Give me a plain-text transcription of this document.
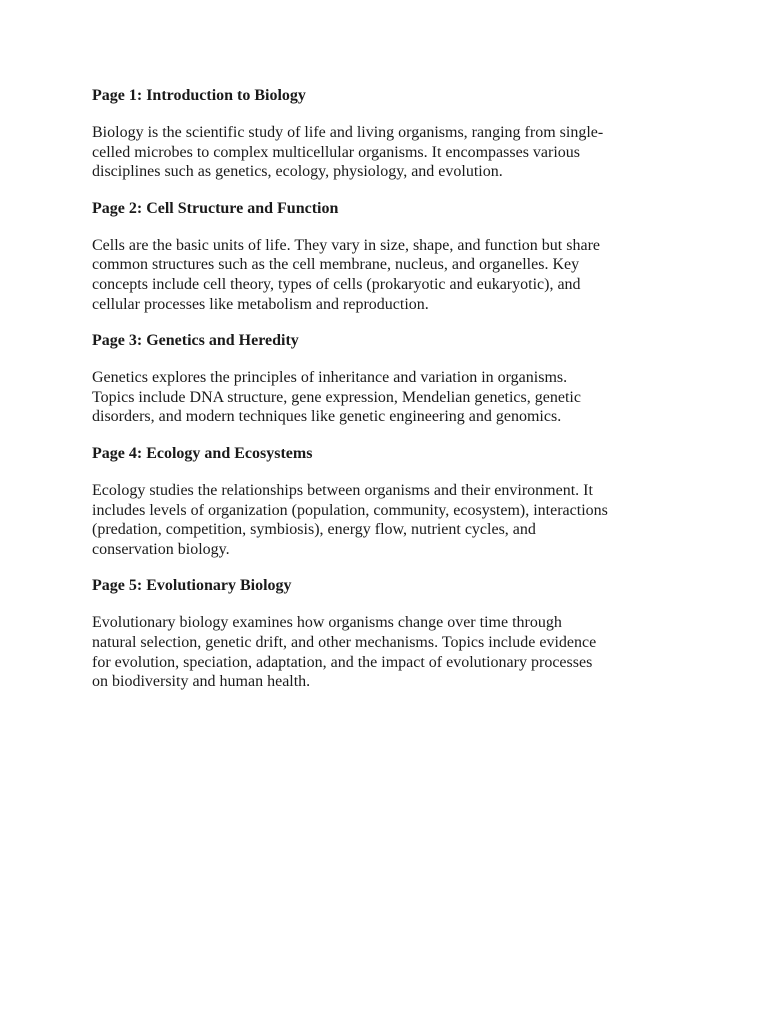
Page 1: Introduction to Biology
Biology is the scientific study of life and living organisms, ranging from single-
celled microbes to complex multicellular organisms. It encompasses various
disciplines such as genetics, ecology, physiology, and evolution.
Page 2: Cell Structure and Function
Cells are the basic units of life. They vary in size, shape, and function but share
common structures such as the cell membrane, nucleus, and organelles. Key
concepts include cell theory, types of cells (prokaryotic and eukaryotic), and
cellular processes like metabolism and reproduction.
Page 3: Genetics and Heredity
Genetics explores the principles of inheritance and variation in organisms.
Topics include DNA structure, gene expression, Mendelian genetics, genetic
disorders, and modern techniques like genetic engineering and genomics.
Page 4: Ecology and Ecosystems
Ecology studies the relationships between organisms and their environment. It
includes levels of organization (population, community, ecosystem), interactions
(predation, competition, symbiosis), energy flow, nutrient cycles, and
conservation biology.
Page 5: Evolutionary Biology
Evolutionary biology examines how organisms change over time through
natural selection, genetic drift, and other mechanisms. Topics include evidence
for evolution, speciation, adaptation, and the impact of evolutionary processes
on biodiversity and human health.
